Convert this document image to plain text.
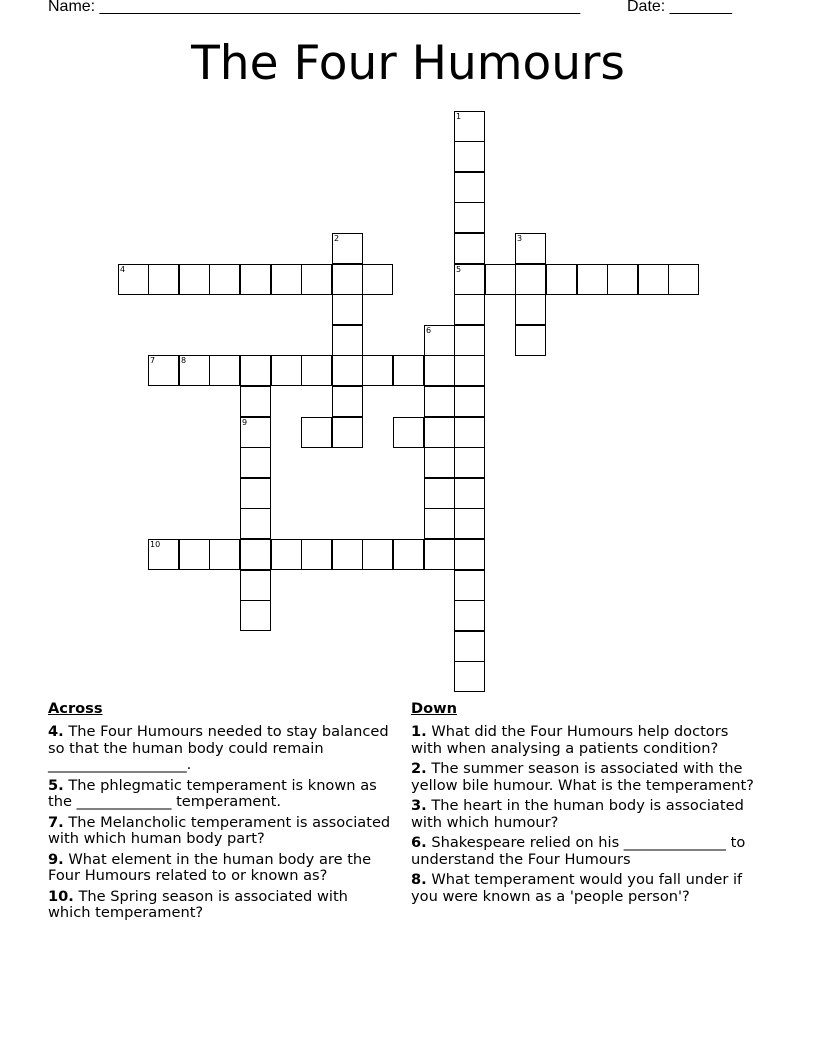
Name: ______________________________________________________	Date: _______
The Four Humours
1
2	3
4	5
6
7	8
9
10
Across
4. The Four Humours needed to stay balanced so that the human body could remain ___________________.
5. The phlegmatic temperament is known as the _____________ temperament.
7. The Melancholic temperament is associated with which human body part?
9. What element in the human body are the Four Humours related to or known as?
10. The Spring season is associated with which temperament?
Down
1. What did the Four Humours help doctors with when analysing a patients condition?
2. The summer season is associated with the yellow bile humour. What is the temperament?
3. The heart in the human body is associated with which humour?
6. Shakespeare relied on his ______________ to understand the Four Humours
8. What temperament would you fall under if you were known as a 'people person'?
